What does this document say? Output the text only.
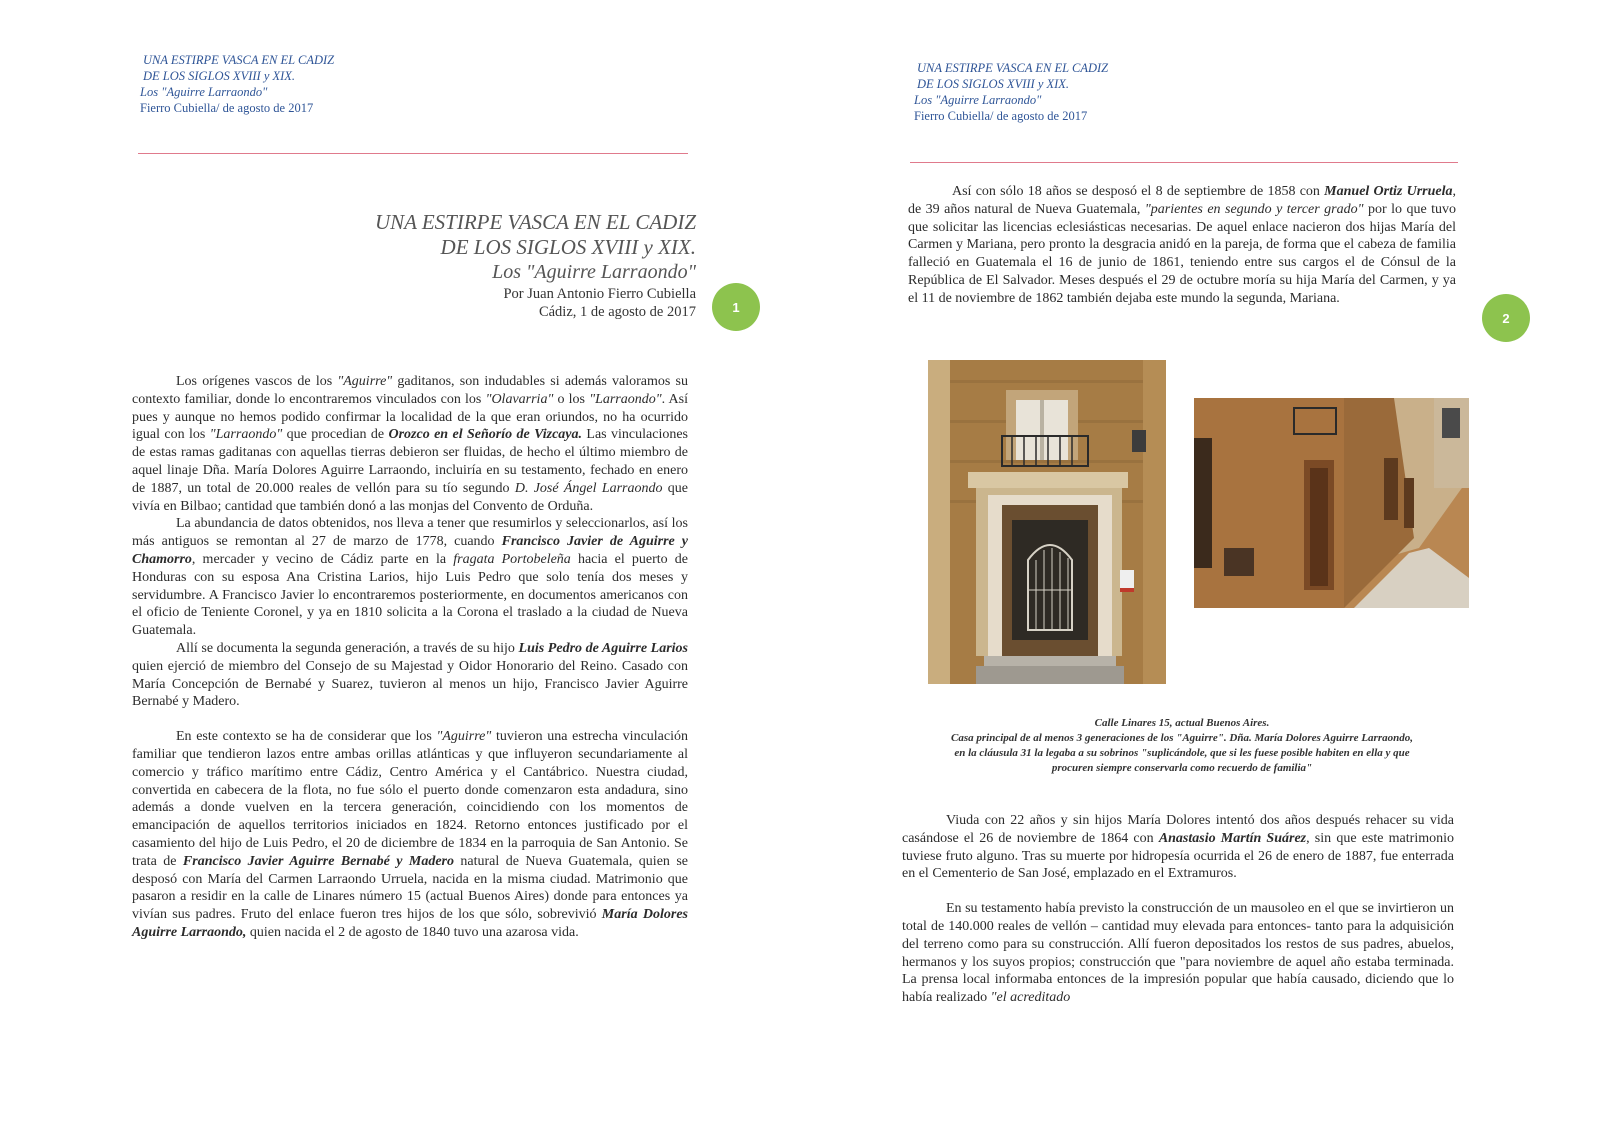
UNA ESTIRPE VASCA EN EL CADIZ
DE LOS SIGLOS XVIII y XIX.
Los "Aguirre Larraondo"
Fierro Cubiella/ de agosto de 2017
1
UNA ESTIRPE VASCA EN EL CADIZ
DE LOS SIGLOS XVIII y XIX.
Los "Aguirre Larraondo"
Por Juan Antonio Fierro Cubiella
Cádiz, 1 de agosto de 2017

Los orígenes vascos de los "Aguirre" gaditanos, son indudables si además valoramos su contexto familiar, donde lo encontraremos vinculados con los "Olavarria" o los "Larraondo". Así pues y aunque no hemos podido confirmar la localidad de la que eran oriundos, no ha ocurrido igual con los "Larraondo" que procedian de Orozco en el Señorío de Vizcaya. Las vinculaciones de estas ramas gaditanas con aquellas tierras debieron ser fluidas, de hecho el último miembro de aquel linaje Dña. María Dolores Aguirre Larraondo, incluiría en su testamento, fechado en enero de 1887, un total de 20.000 reales de vellón para su tío segundo D. José Ángel Larraondo que vivía en Bilbao; cantidad que también donó a las monjas del Convento de Orduña.

La abundancia de datos obtenidos, nos lleva a tener que resumirlos y seleccionarlos, así los más antiguos se remontan al 27 de marzo de 1778, cuando Francisco Javier de Aguirre y Chamorro, mercader y vecino de Cádiz parte en la fragata Portobeleña hacia el puerto de Honduras con su esposa Ana Cristina Larios, hijo Luis Pedro que solo tenía dos meses y servidumbre. A Francisco Javier lo encontraremos posteriormente, en documentos americanos con el oficio de Teniente Coronel, y ya en 1810 solicita a la Corona el traslado a la ciudad de Nueva Guatemala.

Allí se documenta la segunda generación, a través de su hijo Luis Pedro de Aguirre Larios quien ejerció de miembro del Consejo de su Majestad y Oidor Honorario del Reino. Casado con María Concepción de Bernabé y Suarez, tuvieron al menos un hijo, Francisco Javier Aguirre Bernabé y Madero.

En este contexto se ha de considerar que los "Aguirre" tuvieron una estrecha vinculación familiar que tendieron lazos entre ambas orillas atlánticas y que influyeron secundariamente al comercio y tráfico marítimo entre Cádiz, Centro América y el Cantábrico. Nuestra ciudad, convertida en cabecera de la flota, no fue sólo el puerto donde comenzaron esta andadura, sino además a donde vuelven en la tercera generación, coincidiendo con los momentos de emancipación de aquellos territorios iniciados en 1824. Retorno entonces justificado por el casamiento del hijo de Luis Pedro, el 20 de diciembre de 1834 en la parroquia de San Antonio. Se trata de Francisco Javier Aguirre Bernabé y Madero natural de Nueva Guatemala, quien se desposó con María del Carmen Larraondo Urruela, nacida en la misma ciudad. Matrimonio que pasaron a residir en la calle de Linares número 15 (actual Buenos Aires) donde para entonces ya vivían sus padres. Fruto del enlace fueron tres hijos de los que sólo, sobrevivió María Dolores Aguirre Larraondo, quien nacida el 2 de agosto de 1840 tuvo una azarosa vida.

UNA ESTIRPE VASCA EN EL CADIZ
DE LOS SIGLOS XVIII y XIX.
Los "Aguirre Larraondo"
Fierro Cubiella/ de agosto de 2017
2

Así con sólo 18 años se desposó el 8 de septiembre de 1858 con Manuel Ortiz Urruela, de 39 años natural de Nueva Guatemala, "parientes en segundo y tercer grado" por lo que tuvo que solicitar las licencias eclesiásticas necesarias. De aquel enlace nacieron dos hijas María del Carmen y Mariana, pero pronto la desgracia anidó en la pareja, de forma que el cabeza de familia falleció en Guatemala el 16 de junio de 1861, teniendo entre sus cargos el de Cónsul de la República de El Salvador. Meses después el 29 de octubre moría su hija María del Carmen, y ya el 11 de noviembre de 1862 también dejaba este mundo la segunda, Mariana.

Calle Linares 15, actual Buenos Aires.
Casa principal de al menos 3 generaciones de los "Aguirre". Dña. María Dolores Aguirre Larraondo,
en la cláusula 31 la legaba a su sobrinos "suplicándole, que si les fuese posible habiten en ella y que
procuren siempre conservarla como recuerdo de familia"

Viuda con 22 años y sin hijos María Dolores intentó dos años después rehacer su vida casándose el 26 de noviembre de 1864 con Anastasio Martín Suárez, sin que este matrimonio tuviese fruto alguno. Tras su muerte por hidropesía ocurrida el 26 de enero de 1887, fue enterrada en el Cementerio de San José, emplazado en el Extramuros.

En su testamento había previsto la construcción de un mausoleo en el que se invirtieron un total de 140.000 reales de vellón – cantidad muy elevada para entonces- tanto para la adquisición del terreno como para su construcción. Allí fueron depositados los restos de sus padres, abuelos, hermanos y los suyos propios; construcción que "para noviembre de aquel año estaba terminada. La prensa local informaba entonces de la impresión popular que había causado, diciendo que lo había realizado "el acreditado
